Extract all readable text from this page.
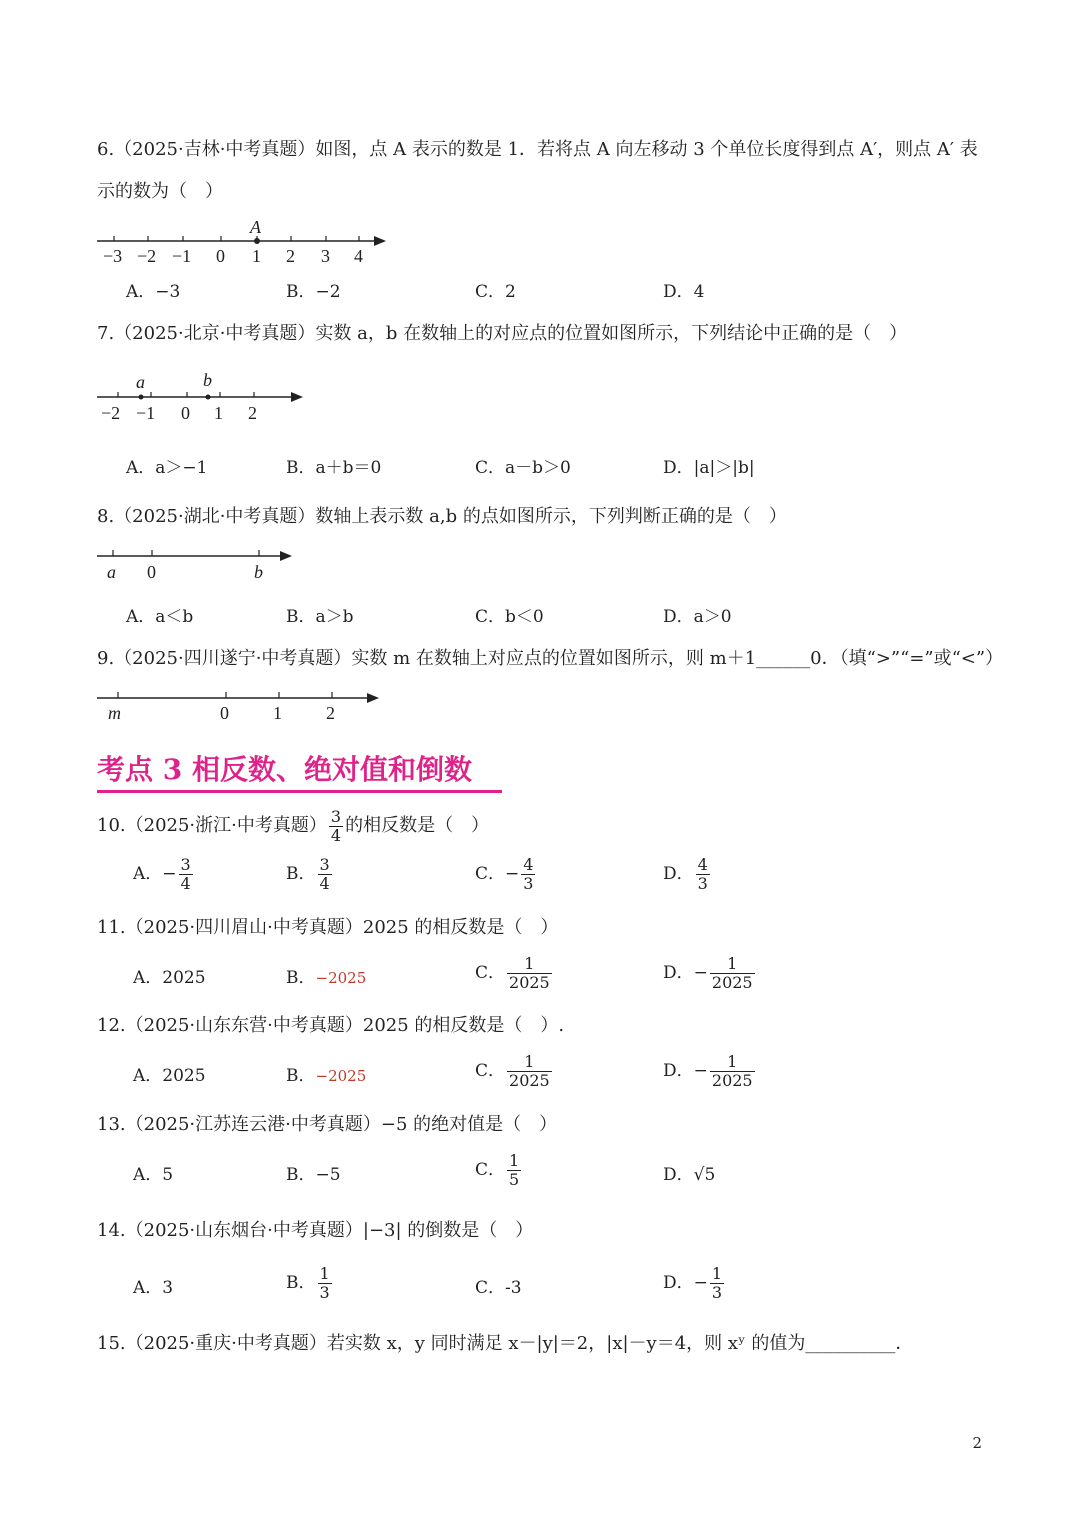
6.（2025·吉林·中考真题）如图，点 A 表示的数是 1．若将点 A 向左移动 3 个单位长度得到点 A′，则点 A′ 表
示的数为（　）
A
−3 −2 −1 0 1 2 3 4
a	b
−2 −1 0 1 2
a 0	b
m	0 1 2
A．−3	B．−2	C．2	D．4
7.（2025·北京·中考真题）实数 a，b 在数轴上的对应点的位置如图所示，下列结论中正确的是（　）
A．a＞−1	B．a＋b＝0	C．a－b＞0	D．|a|＞|b|
8.（2025·湖北·中考真题）数轴上表示数 a,b 的点如图所示，下列判断正确的是（　）
A．a＜b	B．a＞b	C．b＜0	D．a＞0
9.（2025·四川遂宁·中考真题）实数 m 在数轴上对应点的位置如图所示，则 m＋1______0．（填“>”“=”或“<”）
考点 3 相反数、绝对值和倒数
10.（2025·浙江·中考真题） $\frac{3}{4}$ 的相反数是（　）
A．− $\frac{3}{4}$	B． $\frac{3}{4}$	C．− $\frac{4}{3}$	D． $\frac{4}{3}$
11.（2025·四川眉山·中考真题）2025 的相反数是（　）
A．2025	B．−2025	C． $\frac{1}{2025}$	D．− $\frac{1}{2025}$
12.（2025·山东东营·中考真题）2025 的相反数是（　）.
A．2025	B．−2025	C． $\frac{1}{2025}$	D．− $\frac{1}{2025}$
13.（2025·江苏连云港·中考真题）−5 的绝对值是（　）
A．5	B．−5	C． $\frac{1}{5}$	D．√5
14.（2025·山东烟台·中考真题）|−3| 的倒数是（　）
A．3	B． $\frac{1}{3}$	C．-3	D．− $\frac{1}{3}$
15.（2025·重庆·中考真题）若实数 x，y 同时满足 x－|y|＝2，|x|－y＝4，则 xʸ 的值为__________．
2
